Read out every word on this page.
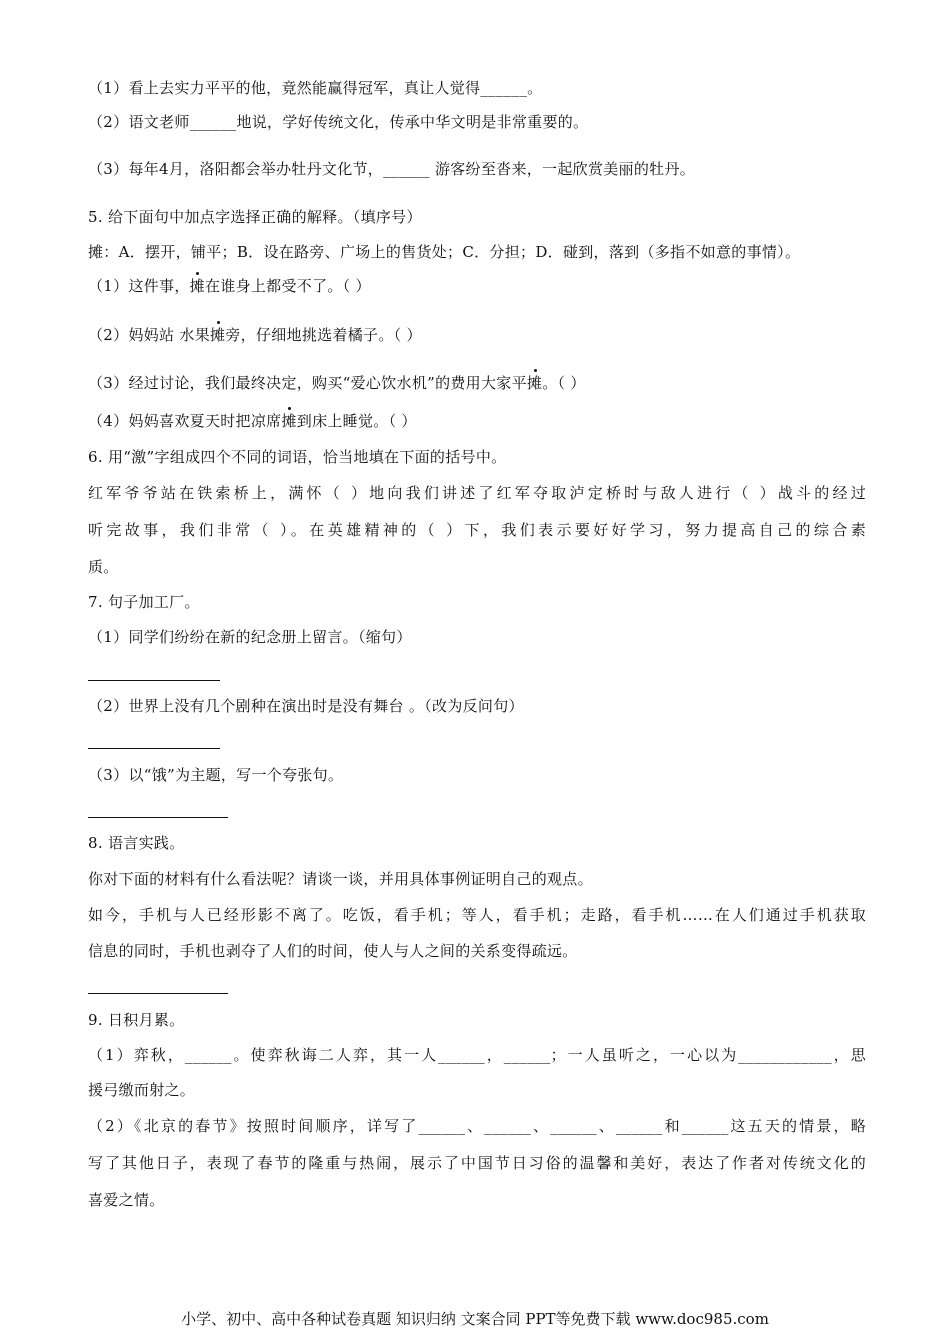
（1）看上去实力平平的他，竟然能赢得冠军，真让人觉得______。
（2）语文老师______地说，学好传统文化，传承中华文明是非常重要的。
（3）每年4月，洛阳都会举办牡丹文化节，______ 游客纷至沓来，一起欣赏美丽的牡丹。
5. 给下面句中加点字选择正确的解释。（填序号）
摊：A．摆开，铺平；B．设在路旁、广场上的售货处；C．分担；D．碰到，落到（多指不如意的事情）。
（1）这件事，摊在谁身上都受不了。（ ）
（2）妈妈站 水果摊旁，仔细地挑选着橘子。（ ）
（3）经过讨论，我们最终决定，购买“爱心饮水机”的费用大家平摊。（ ）
（4）妈妈喜欢夏天时把凉席摊到床上睡觉。（ ）
6. 用“激”字组成四个不同的词语，恰当地填在下面的括号中。
红军爷爷站在铁索桥上，满怀（ ）地向我们讲述了红军夺取泸定桥时与敌人进行（ ）战斗的经过
听完故事，我们非常（ ）。在英雄精神的（ ）下，我们表示要好好学习，努力提高自己的综合素
质。
7. 句子加工厂。
（1）同学们纷纷在新的纪念册上留言。（缩句）
（2）世界上没有几个剧种在演出时是没有舞台 。（改为反问句）
（3）以“饿”为主题，写一个夸张句。
8. 语言实践。
你对下面的材料有什么看法呢？请谈一谈，并用具体事例证明自己的观点。
如今，手机与人已经形影不离了。吃饭，看手机；等人，看手机；走路，看手机……在人们通过手机获取
信息的同时，手机也剥夺了人们的时间，使人与人之间的关系变得疏远。
9. 日积月累。
（1）弈秋，______。使弈秋诲二人弈，其一人______，______；一人虽听之，一心以为____________，思
援弓缴而射之。
（2）《北京的春节》按照时间顺序，详写了______、______、______、______和______这五天的情景，略
写了其他日子，表现了春节的隆重与热闹，展示了中国节日习俗的温馨和美好，表达了作者对传统文化的
喜爱之情。
小学、初中、高中各种试卷真题 知识归纳 文案合同 PPT等免费下载 www.doc985.com
